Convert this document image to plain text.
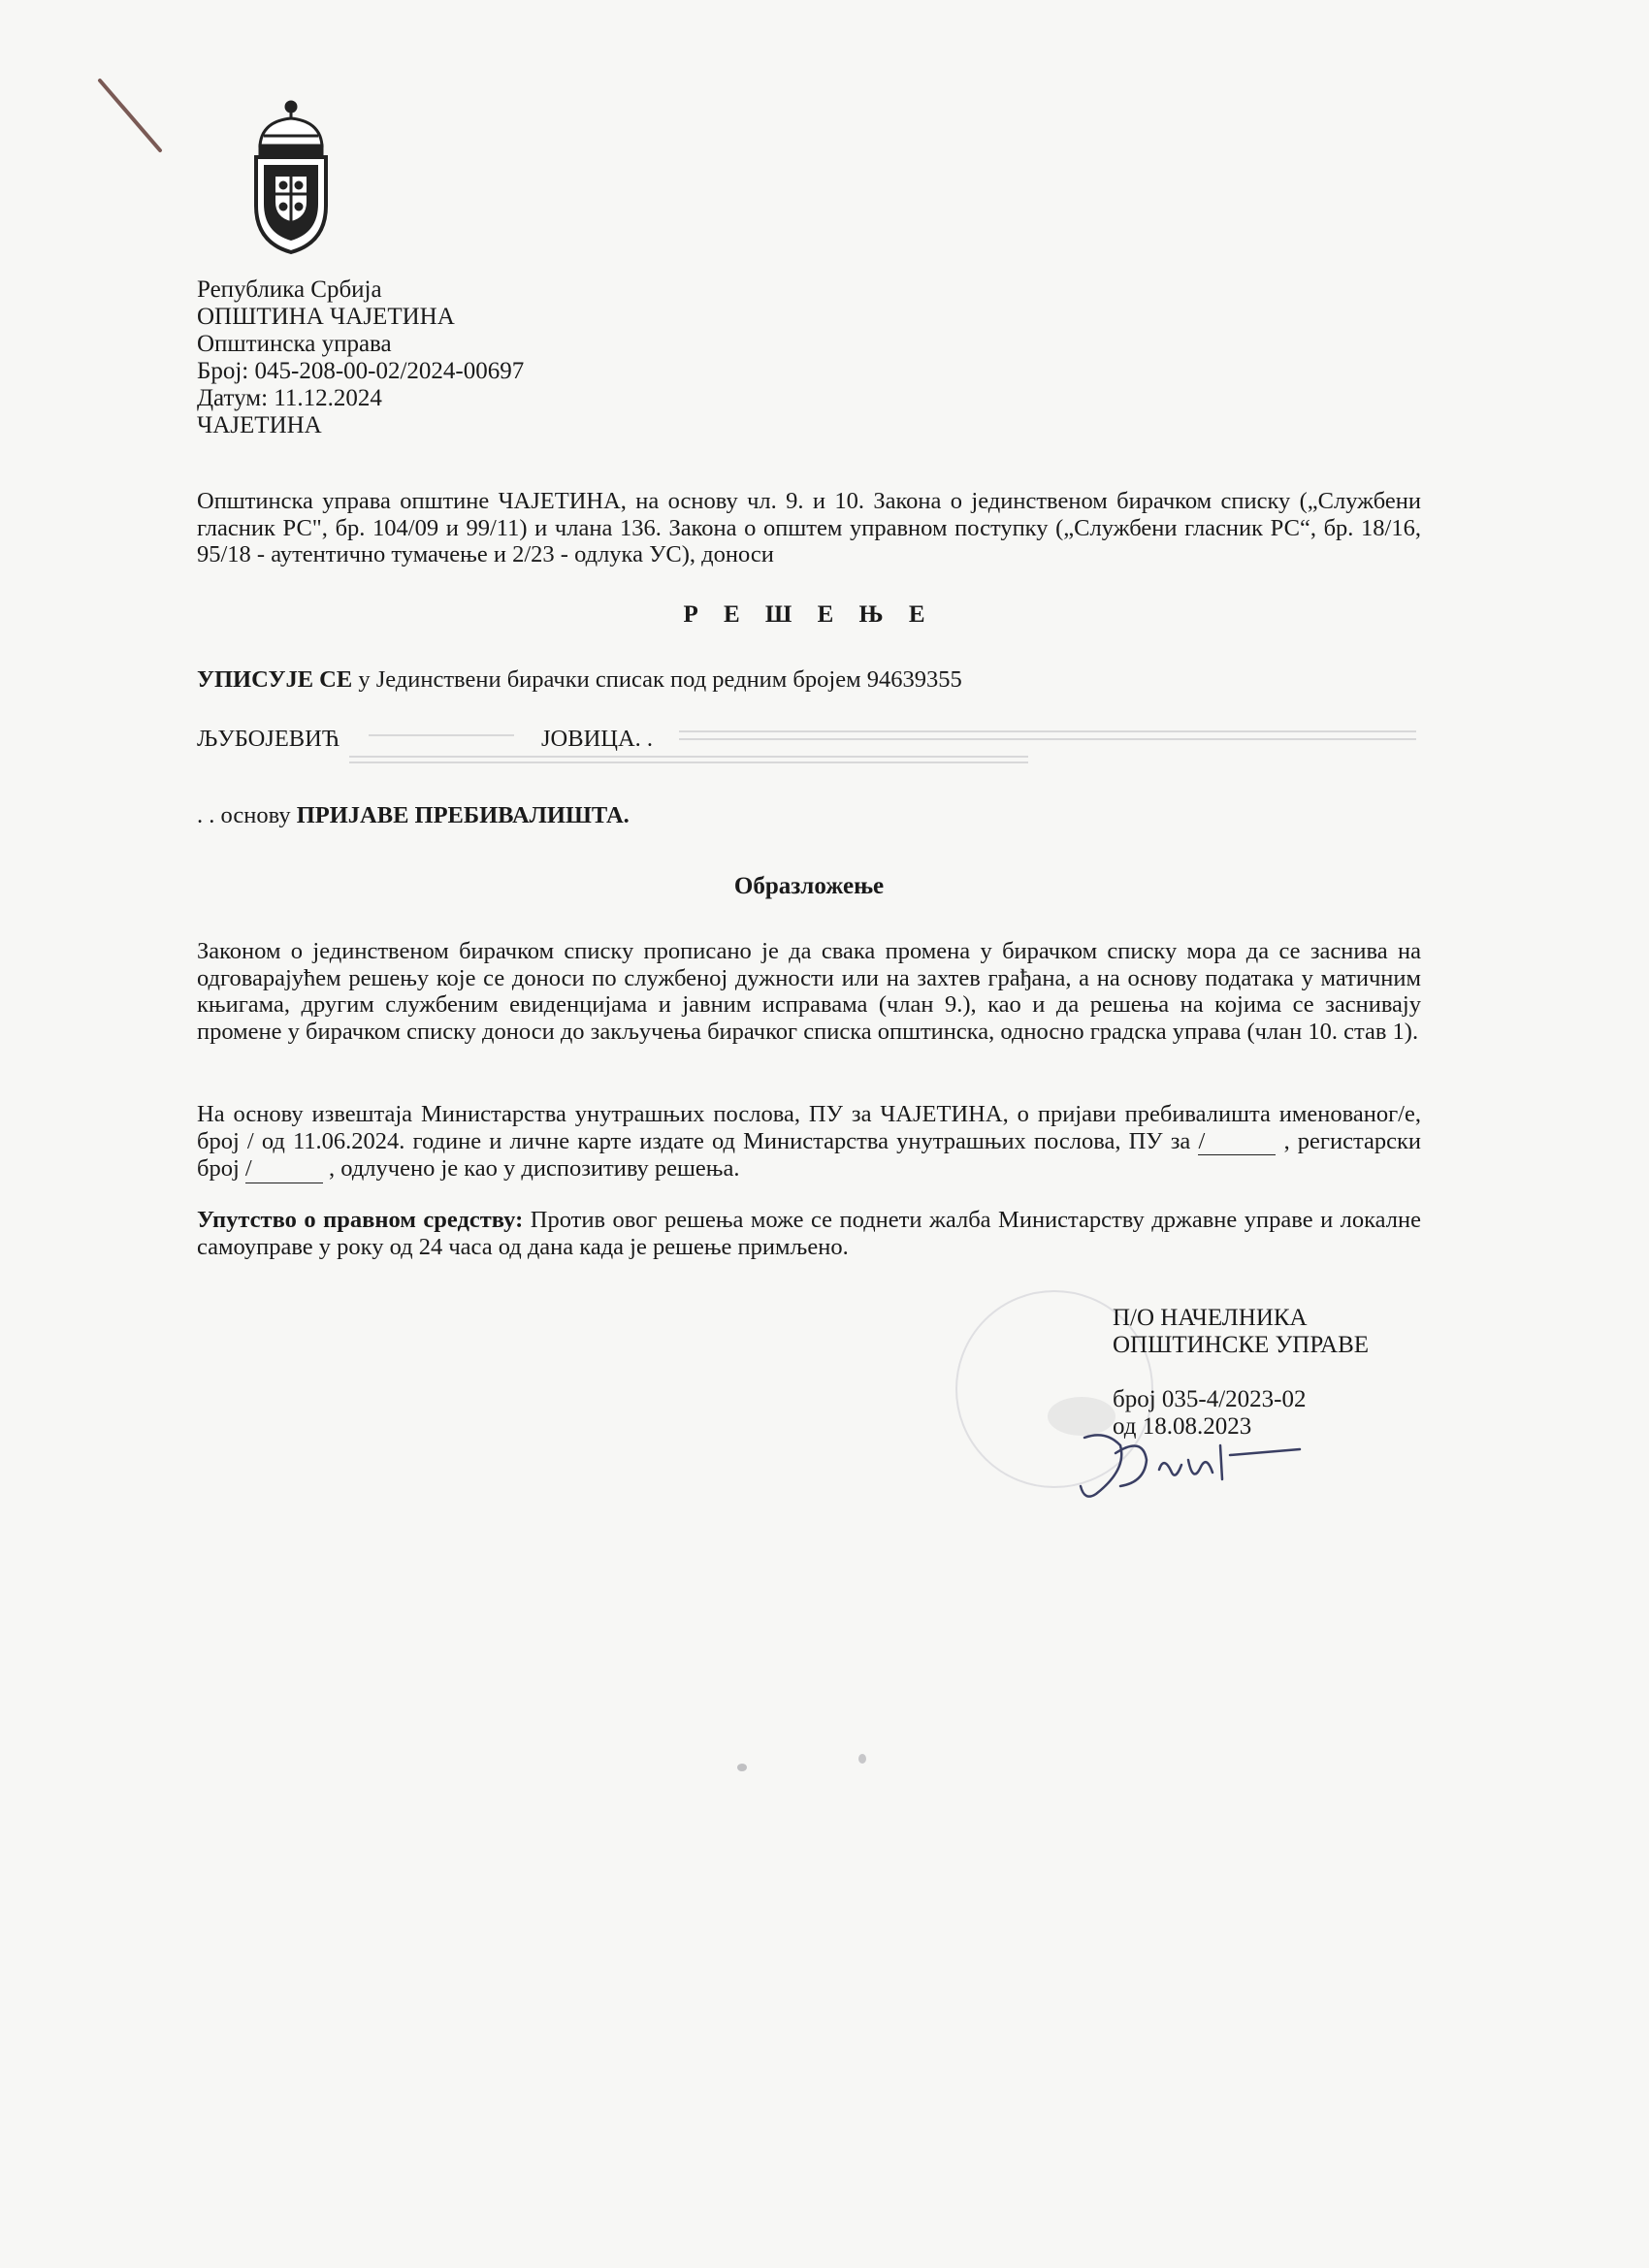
Република Србија
ОПШТИНА ЧАЈЕТИНА
Општинска управа
Број: 045-208-00-02/2024-00697
Датум: 11.12.2024
ЧАЈЕТИНА
Општинска управа општине ЧАЈЕТИНА, на основу чл. 9. и 10. Закона о јединственом бирачком списку („Службени гласник РС", бр. 104/09 и 99/11) и члана 136. Закона о општем управном поступку („Службени гласник РС“, бр. 18/16, 95/18 - аутентично тумачење и 2/23 - одлука УС), доноси
Р Е Ш Е Њ Е
УПИСУЈЕ СЕ у Јединствени бирачки списак под редним бројем 94639355
ЉУБОЈЕВИЋ	ЈОВИЦА. .
. . основу ПРИЈАВЕ ПРЕБИВАЛИШТА.
Образложење
Законом о јединственом бирачком списку прописано је да свака промена у бирачком списку мора да се заснива на одговарајућем решењу које се доноси по службеној дужности или на захтев грађана, а на основу података у матичним књигама, другим службеним евиденцијама и јавним исправама (члан 9.), као и да решења на којима се заснивају промене у бирачком списку доноси до закључења бирачког списка општинска, односно градска управа (члан 10. став 1).
На основу извештаја Министарства унутрашњих послова, ПУ за ЧАЈЕТИНА, о пријави пребивалишта именованог/е, број / од 11.06.2024. године и личне карте издате од Министарства унутрашњих послова, ПУ за /	, регистарски број /	, одлучено је као у диспозитиву решења.
Упутство о правном средству: Против овог решења може се поднети жалба Министарству државне управе и локалне самоуправе у року од 24 часа од дана када је решење примљено.
П/О НАЧЕЛНИКА
ОПШТИНСКЕ УПРАВЕ
број 035-4/2023-02
од 18.08.2023
